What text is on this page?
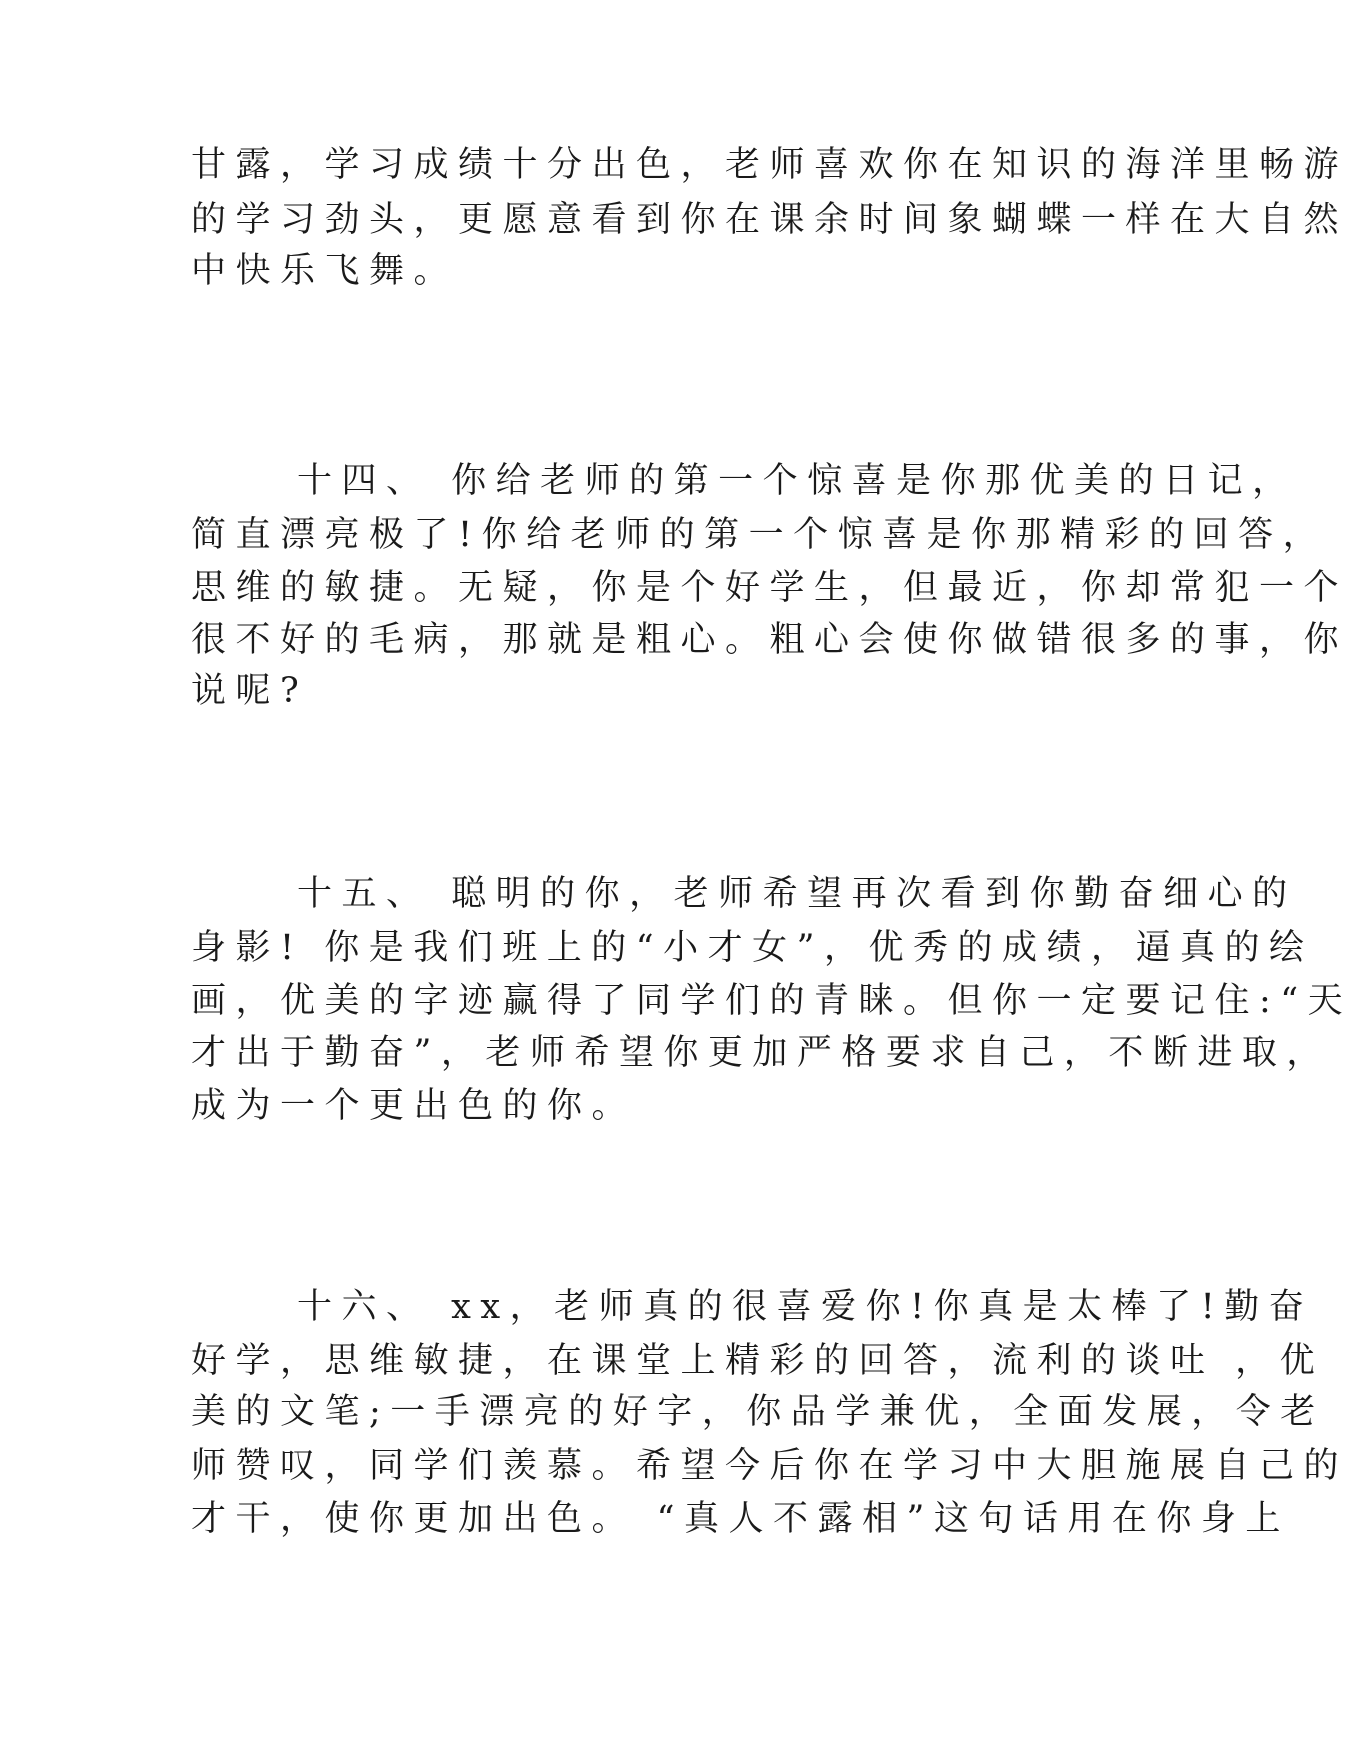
甘露，学习成绩十分出色，老师喜欢你在知识的海洋里畅游
的学习劲头，更愿意看到你在课余时间象蝴蝶一样在大自然
中快乐飞舞。
十四、 你给老师的第一个惊喜是你那优美的日记，
简直漂亮极了!你给老师的第一个惊喜是你那精彩的回答，
思维的敏捷。无疑，你是个好学生，但最近，你却常犯一个
很不好的毛病，那就是粗心。粗心会使你做错很多的事，你
说呢?
十五、 聪明的你，老师希望再次看到你勤奋细心的
身影! 你是我们班上的“小才女”，优秀的成绩，逼真的绘
画，优美的字迹赢得了同学们的青睐。但你一定要记住:“天
才出于勤奋”，老师希望你更加严格要求自己，不断进取，
成为一个更出色的你。
十六、 xx，老师真的很喜爱你!你真是太棒了!勤奋
好学，思维敏捷，在课堂上精彩的回答，流利的谈吐 ，优
美的文笔;一手漂亮的好字，你品学兼优，全面发展，令老
师赞叹，同学们羡慕。希望今后你在学习中大胆施展自己的
才干，使你更加出色。 “真人不露相”这句话用在你身上
